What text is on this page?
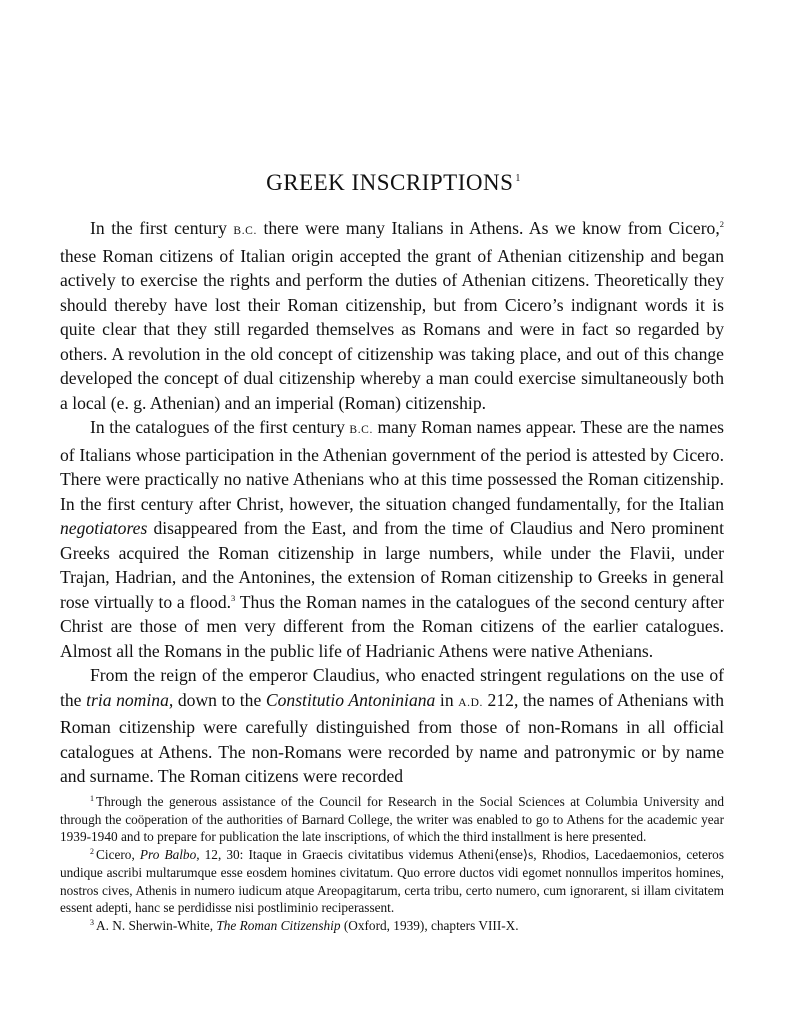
GREEK INSCRIPTIONS $^1$

In the first century B.C. there were many Italians in Athens. As we know from Cicero,$^2$ these Roman citizens of Italian origin accepted the grant of Athenian citizenship and began actively to exercise the rights and perform the duties of Athenian citizens. Theoretically they should thereby have lost their Roman citizenship, but from Cicero’s indignant words it is quite clear that they still regarded themselves as Romans and were in fact so regarded by others. A revolution in the old concept of citizenship was taking place, and out of this change developed the concept of dual citizenship whereby a man could exercise simultaneously both a local (e. g. Athenian) and an imperial (Roman) citizenship.

In the catalogues of the first century B.C. many Roman names appear. These are the names of Italians whose participation in the Athenian government of the period is attested by Cicero. There were practically no native Athenians who at this time possessed the Roman citizenship. In the first century after Christ, however, the situation changed fundamentally, for the Italian negotiatores disappeared from the East, and from the time of Claudius and Nero prominent Greeks acquired the Roman citizenship in large numbers, while under the Flavii, under Trajan, Hadrian, and the Antonines, the extension of Roman citizenship to Greeks in general rose virtually to a flood.$^3$ Thus the Roman names in the catalogues of the second century after Christ are those of men very different from the Roman citizens of the earlier catalogues. Almost all the Romans in the public life of Hadrianic Athens were native Athenians.

From the reign of the emperor Claudius, who enacted stringent regulations on the use of the tria nomina, down to the Constitutio Antoniniana in A.D. 212, the names of Athenians with Roman citizenship were carefully distinguished from those of non-Romans in all official catalogues at Athens. The non-Romans were recorded by name and patronymic or by name and surname. The Roman citizens were recorded

$^1$ Through the generous assistance of the Council for Research in the Social Sciences at Columbia University and through the coöperation of the authorities of Barnard College, the writer was enabled to go to Athens for the academic year 1939-1940 and to prepare for publication the late inscriptions, of which the third installment is here presented.

$^2$ Cicero, Pro Balbo, 12, 30: Itaque in Graecis civitatibus videmus Atheni⟨ense⟩s, Rhodios, Lacedaemonios, ceteros undique ascribi multarumque esse eosdem homines civitatum. Quo errore ductos vidi egomet nonnullos imperitos homines, nostros cives, Athenis in numero iudicum atque Areopagitarum, certa tribu, certo numero, cum ignorarent, si illam civitatem essent adepti, hanc se perdidisse nisi postliminio reciperassent.

$^3$ A. N. Sherwin-White, The Roman Citizenship (Oxford, 1939), chapters VIII-X.
